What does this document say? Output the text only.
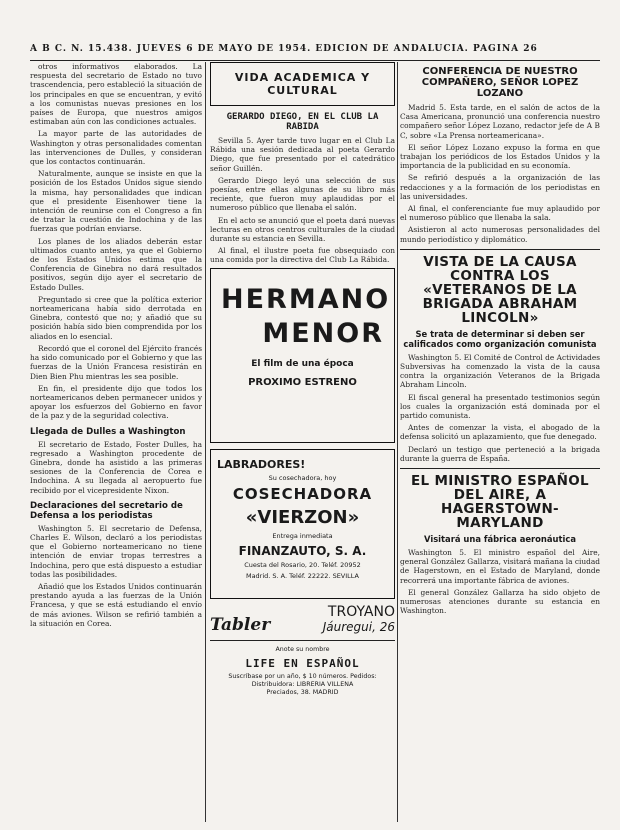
A B C. N. 15.438. JUEVES 6 DE MAYO DE 1954. EDICION DE ANDALUCIA. PAGINA 26

otros informativos elaborados. La respuesta del secretario de Estado no tuvo trascendencia, pero estableció la situación de los principales en que se encuentran, y evitó a los comunistas nuevas presiones en los países de Europa, que nuestros amigos estimaban aún con las condiciones actuales.

La mayor parte de las autoridades de Washington y otras personalidades comentan las intervenciones de Dulles, y consideran que los contactos continuarán.

Naturalmente, aunque se insiste en que la posición de los Estados Unidos sigue siendo la misma, hay personalidades que indican que el presidente Eisenhower tiene la intención de reunirse con el Congreso a fin de tratar la cuestión de Indochina y de las fuerzas que podrían enviarse.

Los planes de los aliados deberán estar ultimados cuanto antes, ya que el Gobierno de los Estados Unidos estima que la Conferencia de Ginebra no dará resultados positivos, según dijo ayer el secretario de Estado Dulles.

Preguntado si cree que la política exterior norteamericana había sido derrotada en Ginebra, contestó que no; y añadió que su posición había sido bien comprendida por los aliados en lo esencial.

Recordó que el coronel del Ejército francés ha sido comunicado por el Gobierno y que las fuerzas de la Unión Francesa resistirán en Dien Bien Phu mientras les sea posible.

En fin, el presidente dijo que todos los norteamericanos deben permanecer unidos y apoyar los esfuerzos del Gobierno en favor de la paz y de la seguridad colectiva.

Llegada de Dulles a Washington

El secretario de Estado, Foster Dulles, ha regresado a Washington procedente de Ginebra, donde ha asistido a las primeras sesiones de la Conferencia de Corea e Indochina. A su llegada al aeropuerto fue recibido por el vicepresidente Nixon.

Declaraciones del secretario de Defensa a los periodistas

Washington 5. El secretario de Defensa, Charles E. Wilson, declaró a los periodistas que el Gobierno norteamericano no tiene intención de enviar tropas terrestres a Indochina, pero que está dispuesto a estudiar todas las posibilidades.

Añadió que los Estados Unidos continuarán prestando ayuda a las fuerzas de la Unión Francesa, y que se está estudiando el envío de más aviones. Wilson se refirió también a la situación en Corea.

VIDA ACADEMICA Y CULTURAL
GERARDO DIEGO, EN EL CLUB LA RABIDA

Sevilla 5. Ayer tarde tuvo lugar en el Club La Rábida una sesión dedicada al poeta Gerardo Diego, que fue presentado por el catedrático señor Guillén.

Gerardo Diego leyó una selección de sus poesías, entre ellas algunas de su libro más reciente, que fueron muy aplaudidas por el numeroso público que llenaba el salón.

En el acto se anunció que el poeta dará nuevas lecturas en otros centros culturales de la ciudad durante su estancia en Sevilla.

Al final, el ilustre poeta fue obsequiado con una comida por la directiva del Club La Rábida.

HERMANO
MENOR
El film de una época
PROXIMO ESTRENO
LABRADORES!
Su cosechadora, hoy
COSECHADORA
«VIERZON»
Entrega inmediata
FINANZAUTO, S. A.
Cuesta del Rosario, 20. Teléf. 20952
Madrid. S. A. Teléf. 22222. SEVILLA
Tabler
TROYANO
Jáuregui, 26
Anote su nombre
LIFE EN ESPAÑOL
Suscríbase por un año, $ 10 números. Pedidos:
Distribuidora: LIBRERIA VILLENA
Preciados, 38. MADRID
CONFERENCIA DE NUESTRO COMPAÑERO, SEÑOR LOPEZ LOZANO

Madrid 5. Esta tarde, en el salón de actos de la Casa Americana, pronunció una conferencia nuestro compañero señor López Lozano, redactor jefe de A B C, sobre «La Prensa norteamericana».

El señor López Lozano expuso la forma en que trabajan los periódicos de los Estados Unidos y la importancia de la publicidad en su economía.

Se refirió después a la organización de las redacciones y a la formación de los periodistas en las universidades.

Al final, el conferenciante fue muy aplaudido por el numeroso público que llenaba la sala.

Asistieron al acto numerosas personalidades del mundo periodístico y diplomático.

VISTA DE LA CAUSA CONTRA LOS «VETERANOS DE LA BRIGADA ABRAHAM LINCOLN»
Se trata de determinar si deben ser calificados como organización comunista

Washington 5. El Comité de Control de Actividades Subversivas ha comenzado la vista de la causa contra la organización Veteranos de la Brigada Abraham Lincoln.

El fiscal general ha presentado testimonios según los cuales la organización está dominada por el partido comunista.

Antes de comenzar la vista, el abogado de la defensa solicitó un aplazamiento, que fue denegado.

Declaró un testigo que perteneció a la brigada durante la guerra de España.

EL MINISTRO ESPAÑOL DEL AIRE, A HAGERSTOWN-MARYLAND
Visitará una fábrica aeronáutica

Washington 5. El ministro español del Aire, general González Gallarza, visitará mañana la ciudad de Hagerstown, en el Estado de Maryland, donde recorrerá una importante fábrica de aviones.

El general González Gallarza ha sido objeto de numerosas atenciones durante su estancia en Washington.
